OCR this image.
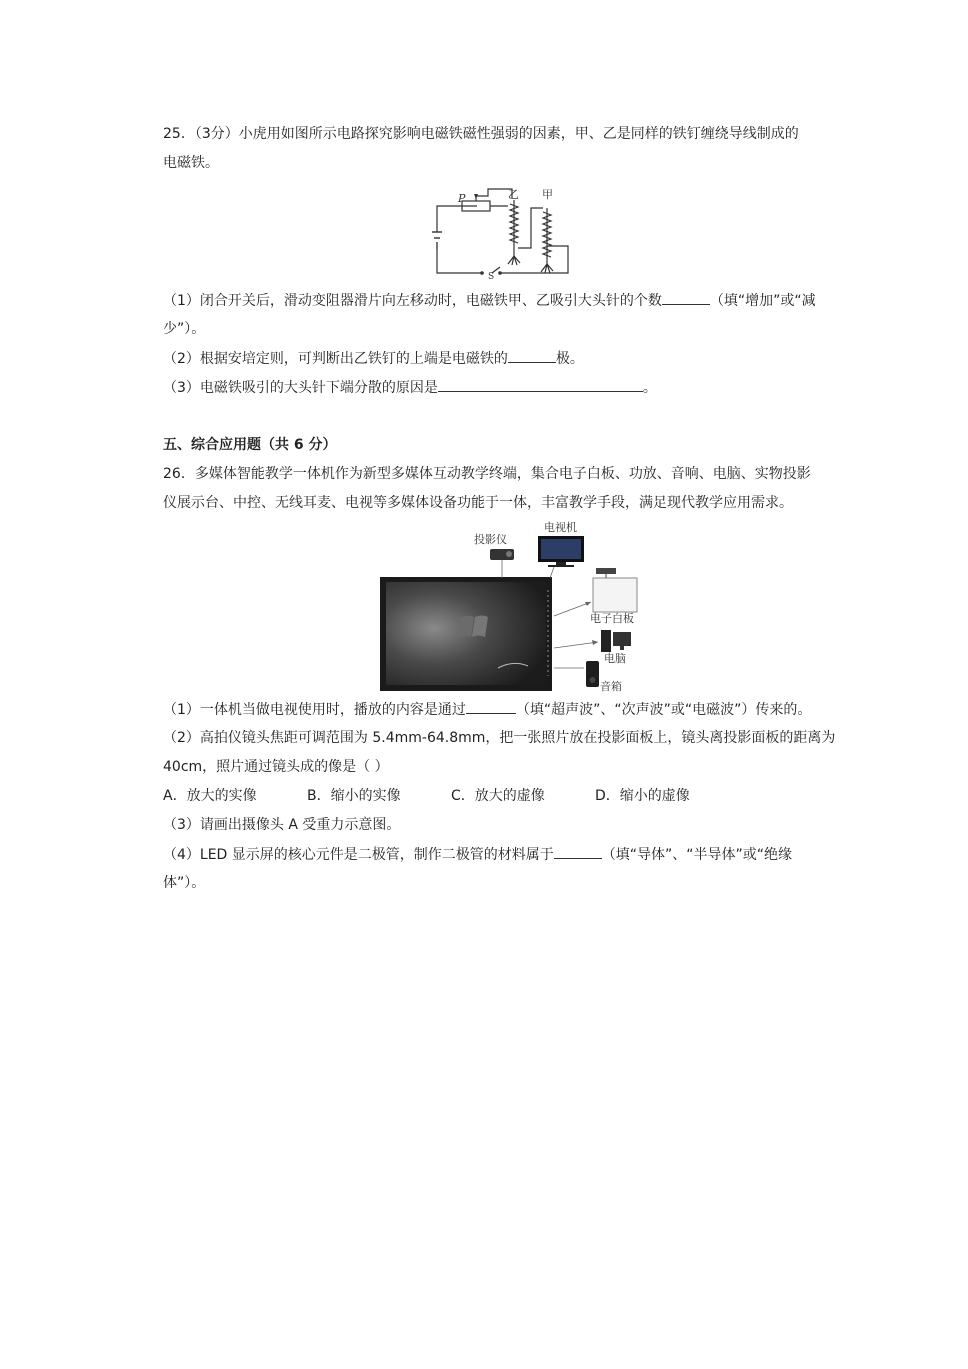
25．（3分）小虎用如图所示电路探究影响电磁铁磁性强弱的因素，甲、乙是同样的铁钉缠绕导线制成的
电磁铁。
P	乙 甲
S
（1）闭合开关后，滑动变阻器滑片向左移动时，电磁铁甲、乙吸引大头针的个数	（填“增加”或“减
少”）。
（2）根据安培定则，可判断出乙铁钉的上端是电磁铁的	极。
（3）电磁铁吸引的大头针下端分散的原因是	。
五、综合应用题（共 6 分）
26．多媒体智能教学一体机作为新型多媒体互动教学终端，集合电子白板、功放、音响、电脑、实物投影
仪展示台、中控、无线耳麦、电视等多媒体设备功能于一体，丰富教学手段，满足现代教学应用需求。
投影仪
电视机
电子白板
电脑
音箱
（1）一体机当做电视使用时，播放的内容是通过	（填“超声波”、“次声波”或“电磁波”）传来的。
（2）高拍仪镜头焦距可调范围为 5.4mm-64.8mm，把一张照片放在投影面板上，镜头离投影面板的距离为
40cm，照片通过镜头成的像是（ ）
A．放大的实像	B．缩小的实像	C．放大的虚像	D．缩小的虚像
（3）请画出摄像头 A 受重力示意图。
（4）LED 显示屏的核心元件是二极管，制作二极管的材料属于	（填“导体”、“半导体”或“绝缘
体”）。
